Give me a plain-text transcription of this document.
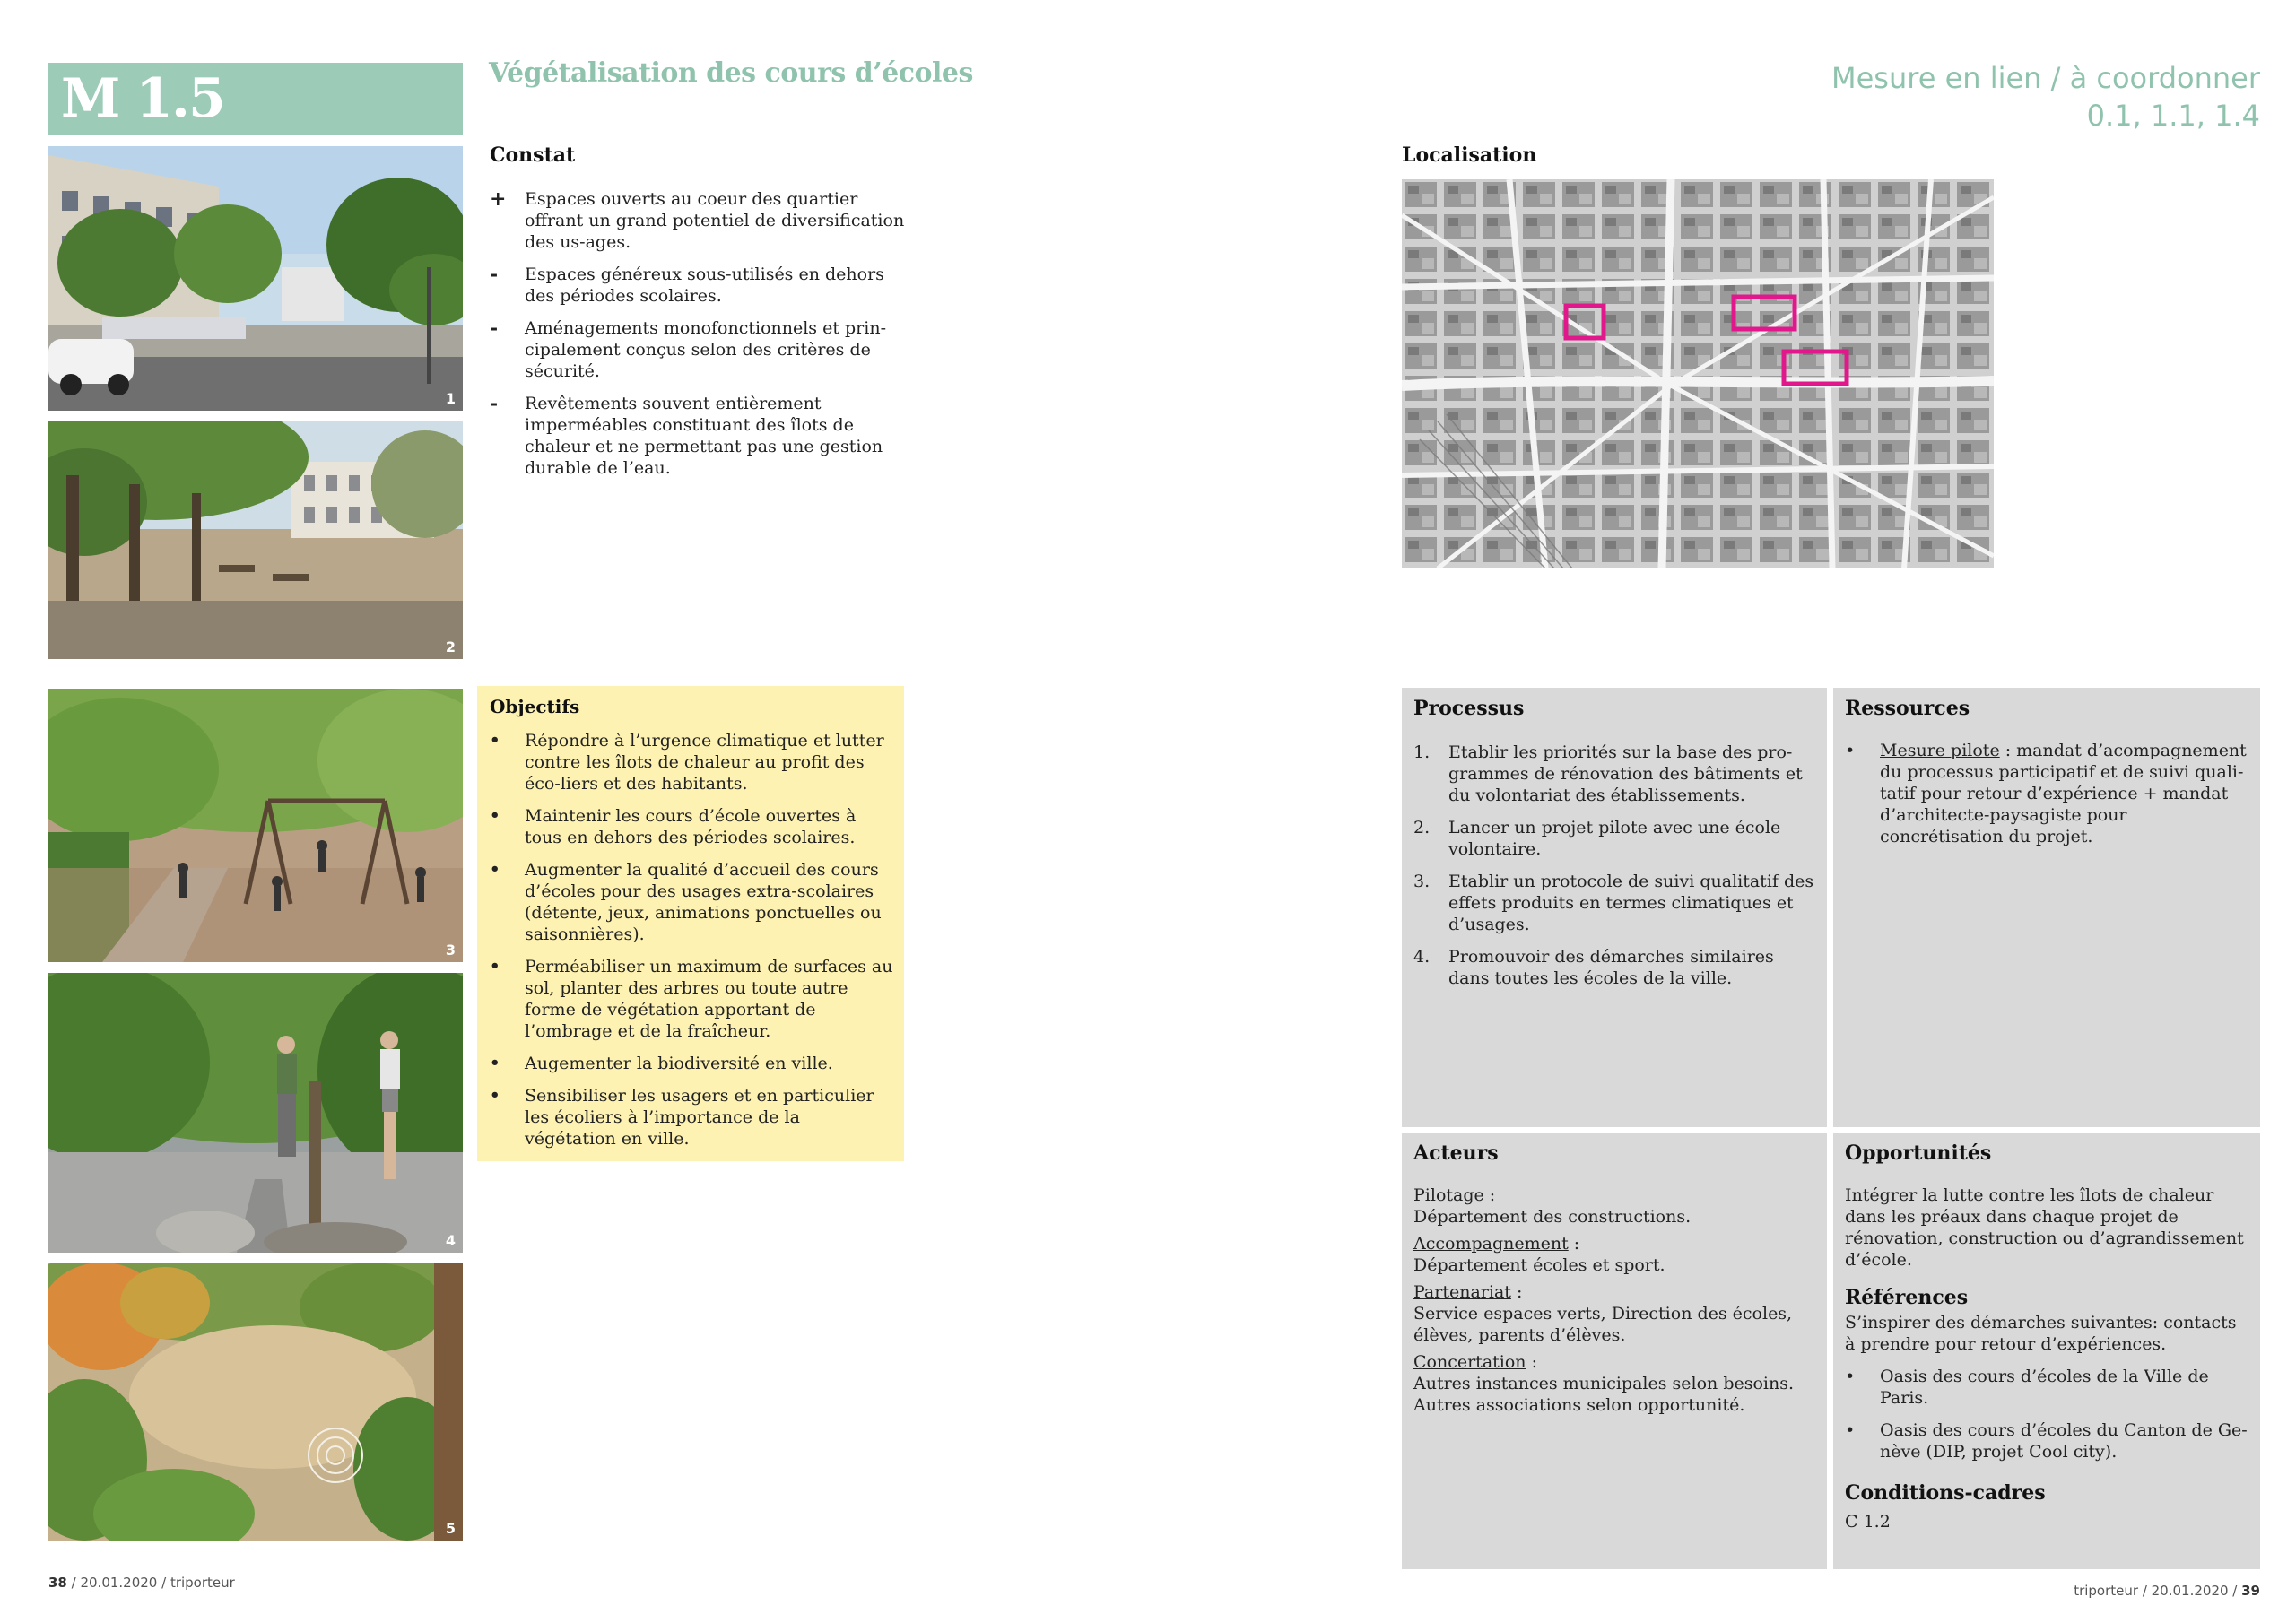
M 1.5	Végétalisation des cours d’écoles	Mesure en lien / à coordonner
0.1, 1.1, 1.4
1
2
3
4
5
Constat
+ Espaces ouverts au coeur des quartier offrant un grand potentiel de diversification des us-ages.
- Espaces généreux sous-utilisés en dehors des périodes scolaires.
- Aménagements monofonctionnels et prin-cipalement conçus selon des critères de sécurité.
- Revêtements souvent entièrement imperméables constituant des îlots de chaleur et ne permettant pas une gestion durable de l’eau.
Localisation
Objectifs
• Répondre à l’urgence climatique et lutter contre les îlots de chaleur au profit des éco-liers et des habitants.
• Maintenir les cours d’école ouvertes à tous en dehors des périodes scolaires.
• Augmenter la qualité d’accueil des cours d’écoles pour des usages extra-scolaires (détente, jeux, animations ponctuelles ou saisonnières).
• Perméabiliser un maximum de surfaces au sol, planter des arbres ou toute autre forme de végétation apportant de l’ombrage et de la fraîcheur.
• Augementer la biodiversité en ville.
• Sensibiliser les usagers et en particulier les écoliers à l’importance de la végétation en ville.
Processus
1. Etablir les priorités sur la base des pro-grammes de rénovation des bâtiments et du volontariat des établissements.
2. Lancer un projet pilote avec une école volontaire.
3. Etablir un protocole de suivi qualitatif des effets produits en termes climatiques et d’usages.
4. Promouvoir des démarches similaires dans toutes les écoles de la ville.
Ressources
• Mesure pilote : mandat d’acompagnement du processus participatif et de suivi quali-tatif pour retour d’expérience + mandat d’architecte-paysagiste pour concrétisation du projet.
Acteurs
Pilotage :
Département des constructions.
Accompagnement :
Département écoles et sport.
Partenariat :
Service espaces verts, Direction des écoles, élèves, parents d’élèves.
Concertation :
Autres instances municipales selon besoins. Autres associations selon opportunité.
Opportunités
Intégrer la lutte contre les îlots de chaleur dans les préaux dans chaque projet de rénovation, construction ou d’agrandissement d’école.
Références
S’inspirer des démarches suivantes: contacts à prendre pour retour d’expériences.
• Oasis des cours d’écoles de la Ville de Paris.
• Oasis des cours d’écoles du Canton de Ge-nève (DIP, projet Cool city).
Conditions-cadres
C 1.2
38 / 20.01.2020 / triporteur	triporteur / 20.01.2020 / 39
